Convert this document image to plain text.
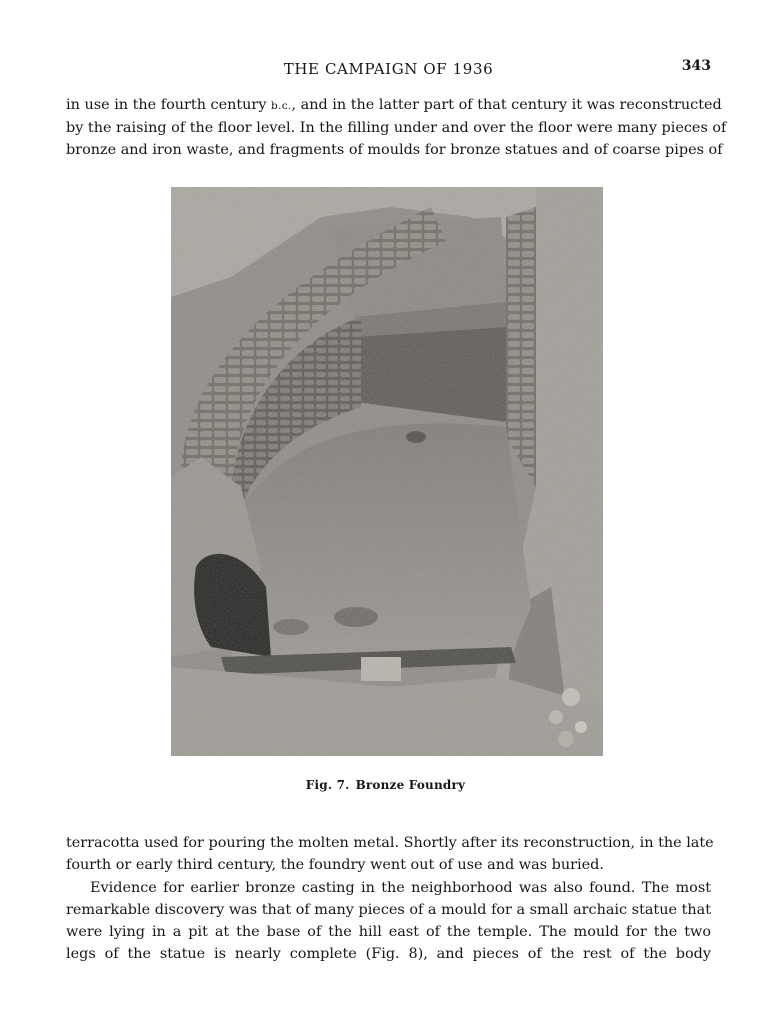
THE CAMPAIGN OF 1936	343

in use in the fourth century b.c., and in the latter part of that century it was reconstructed
by the raising of the floor level. In the filling under and over the floor were many pieces of
bronze and iron waste, and fragments of moulds for bronze statues and of coarse pipes of

Fig. 7. Bronze Foundry

terracotta used for pouring the molten metal. Shortly after its reconstruction, in the late
fourth or early third century, the foundry went out of use and was buried.

Evidence for earlier bronze casting in the neighborhood was also found. The most
remarkable discovery was that of many pieces of a mould for a small archaic statue that
were lying in a pit at the base of the hill east of the temple. The mould for the two
legs of the statue is nearly complete (Fig. 8), and pieces of the rest of the body
